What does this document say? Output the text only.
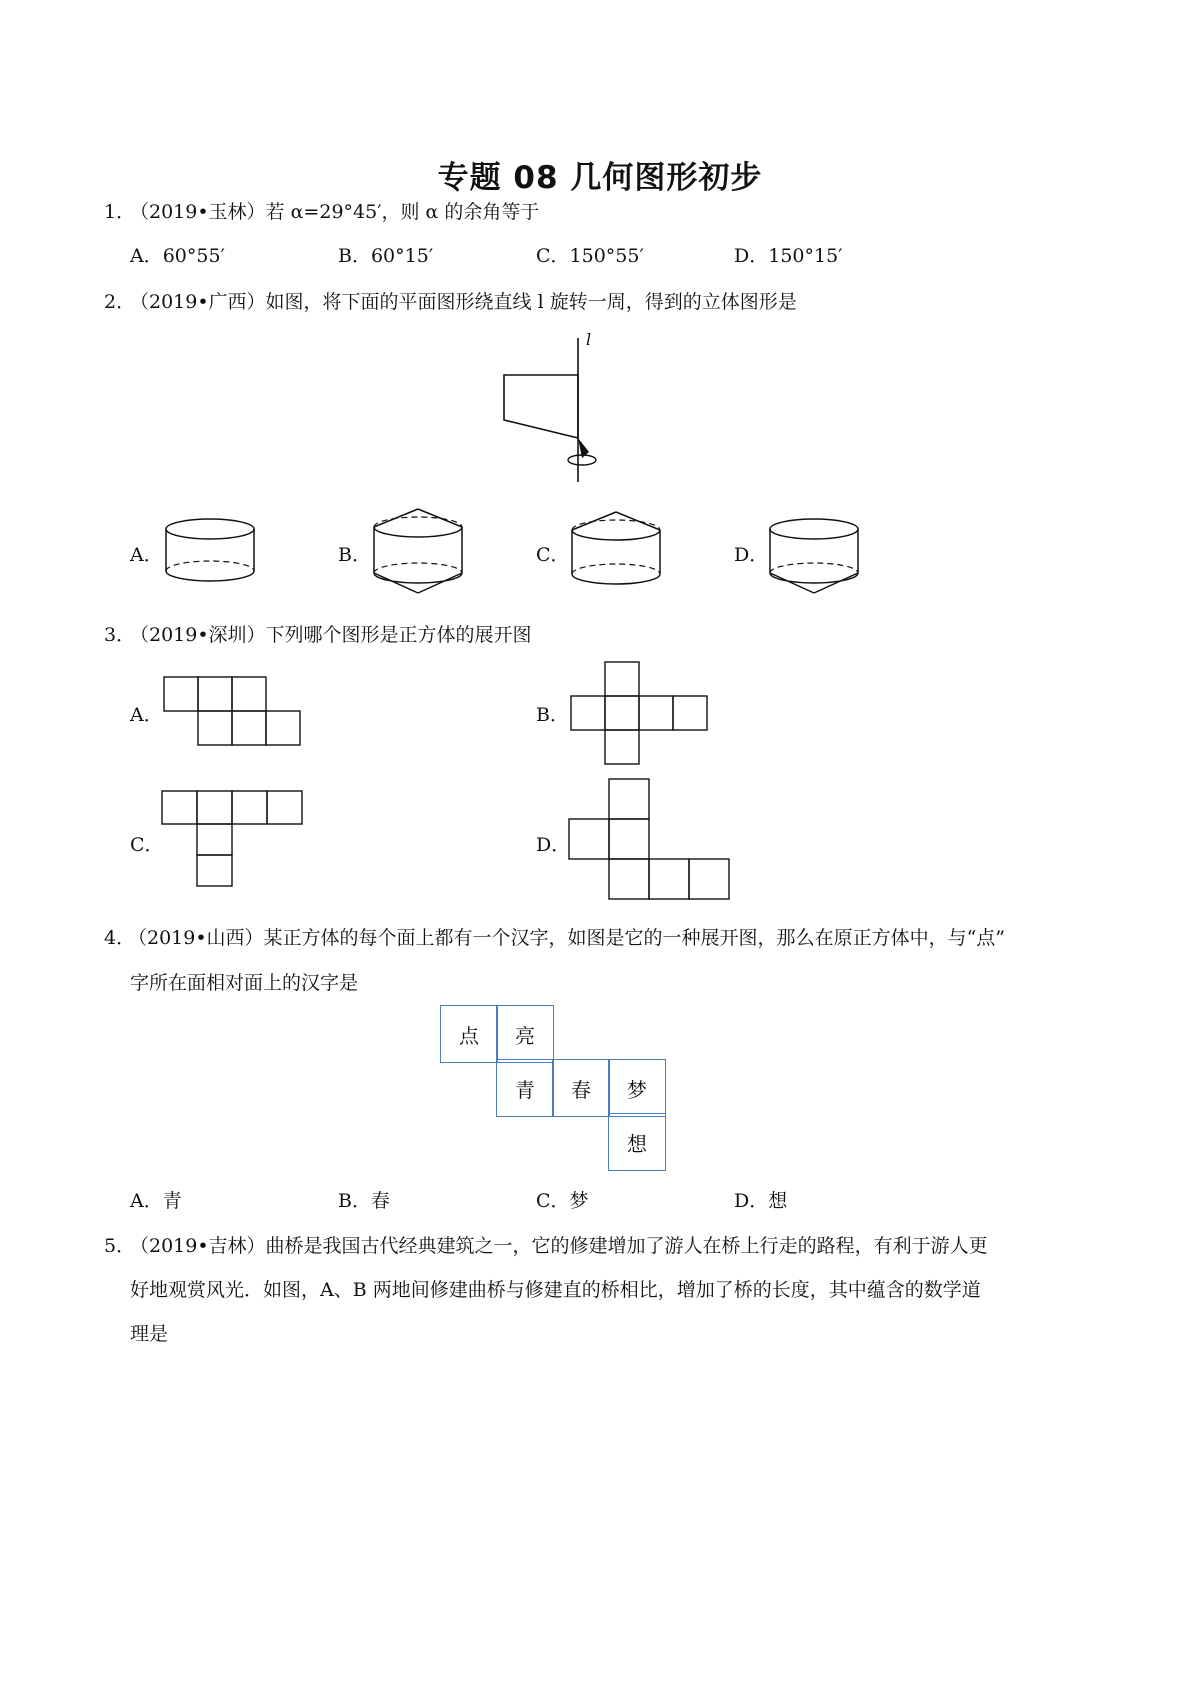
专题 08 几何图形初步
1．
（2019•玉林）若 α=29°45′，则 α 的余角等于
A．60°55′	B．60°15′	C．150°55′	D．150°15′
2．
（2019•广西）如图，将下面的平面图形绕直线 l 旋转一周，得到的立体图形是
l
A．	B．	C．	D．
3．
（2019•深圳）下列哪个图形是正方体的展开图
A．	B．
C．	D．
4．
（2019•山西）某正方体的每个面上都有一个汉字，如图是它的一种展开图，那么在原正方体中，与“点”
字所在面相对面上的汉字是
点	亮
青	春	梦
想
A．青	B．春	C．梦	D．想
5．
（2019•吉林）曲桥是我国古代经典建筑之一，它的修建增加了游人在桥上行走的路程，有利于游人更
好地观赏风光．如图，A、B 两地间修建曲桥与修建直的桥相比，增加了桥的长度，其中蕴含的数学道
理是
